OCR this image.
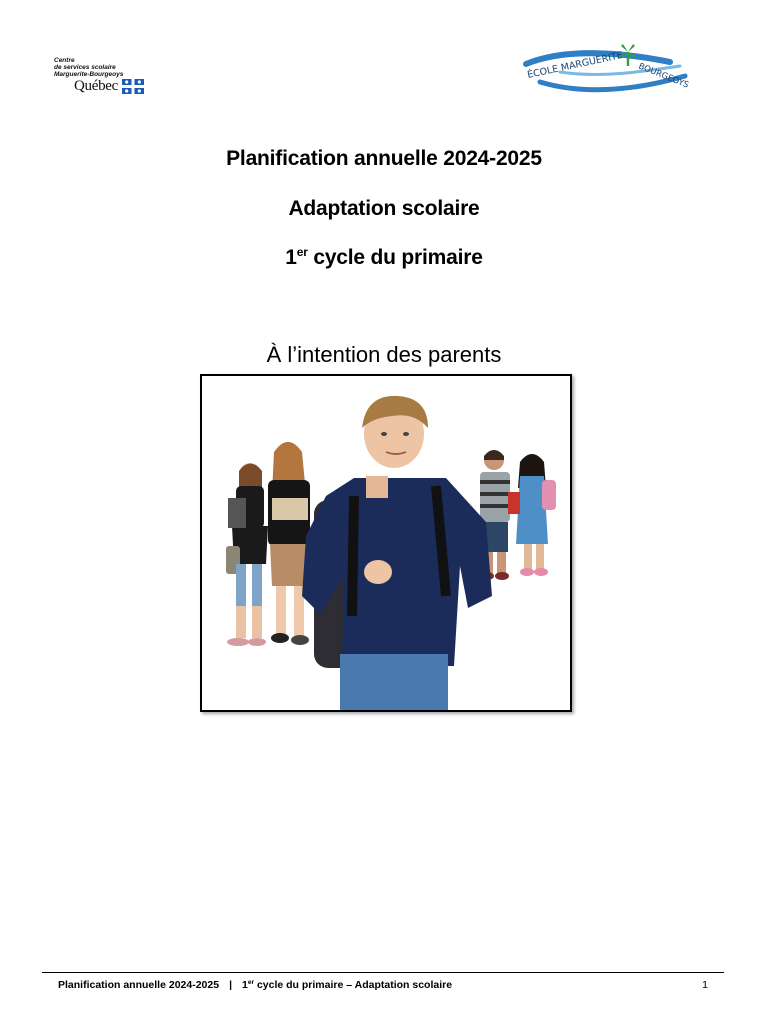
Centre
de services scolaire
Marguerite-Bourgeoys
Québec
ÉCOLE MARGUERITE BOURGEOYS
Planification annuelle 2024-2025
Adaptation scolaire
1er cycle du primaire
À l’intention des parents
Planification annuelle 2024-2025 | 1er cycle du primaire – Adaptation scolaire	1
